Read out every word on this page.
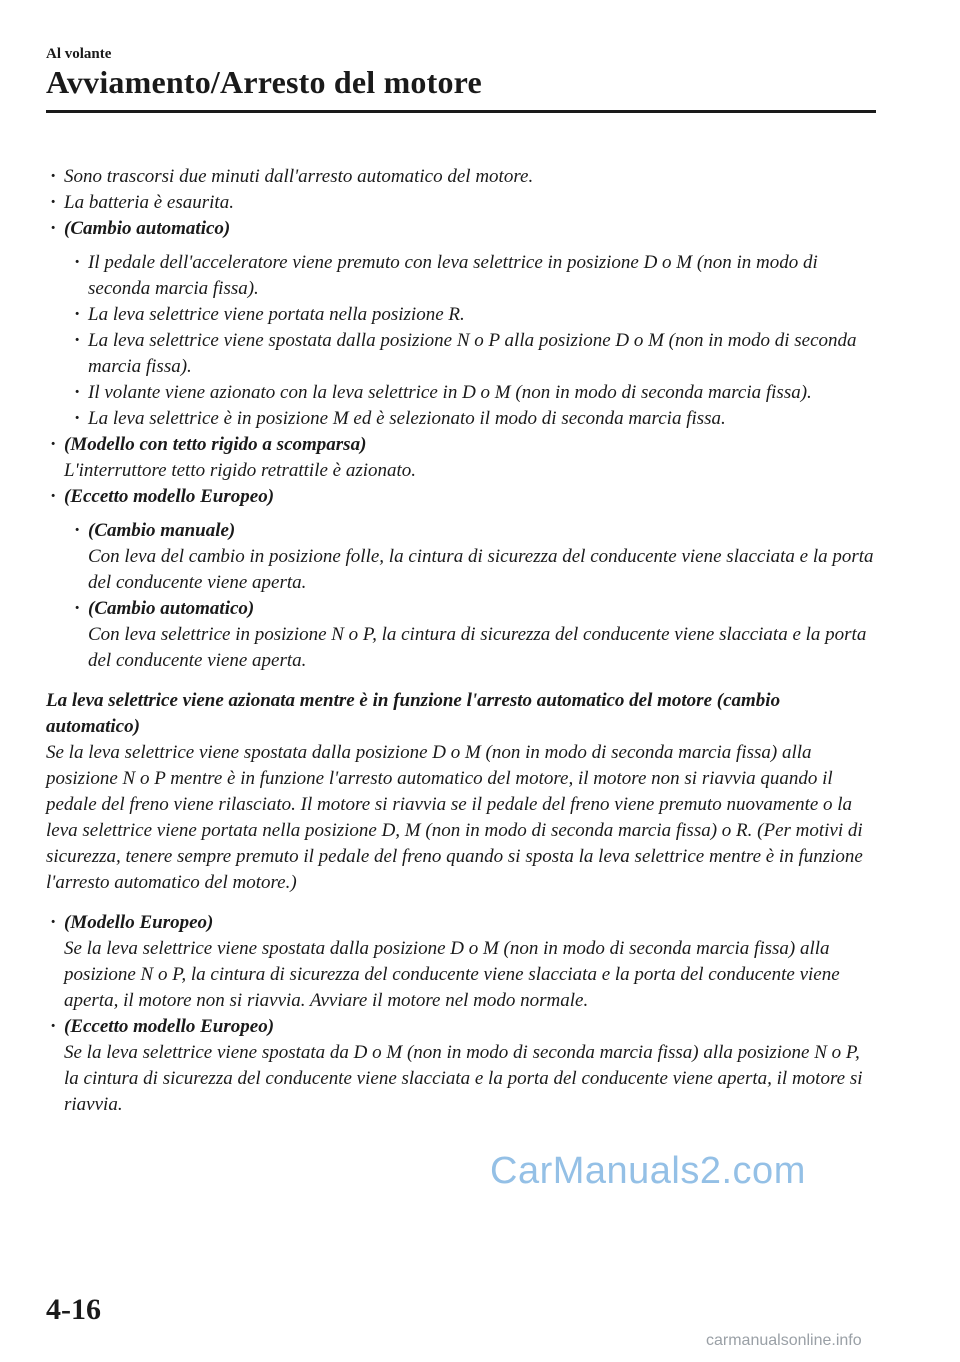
Al volante
Avviamento/Arresto del motore
· Sono trascorsi due minuti dall'arresto automatico del motore.
· La batteria è esaurita.
· (Cambio automatico)
· Il pedale dell'acceleratore viene premuto con leva selettrice in posizione D o M (non in modo di seconda marcia fissa).
· La leva selettrice viene portata nella posizione R.
· La leva selettrice viene spostata dalla posizione N o P alla posizione D o M (non in modo di seconda marcia fissa).
· Il volante viene azionato con la leva selettrice in D o M (non in modo di seconda marcia fissa).
· La leva selettrice è in posizione M ed è selezionato il modo di seconda marcia fissa.
· (Modello con tetto rigido a scomparsa)
L'interruttore tetto rigido retrattile è azionato.
· (Eccetto modello Europeo)
· (Cambio manuale)
Con leva del cambio in posizione folle, la cintura di sicurezza del conducente viene slacciata e la porta del conducente viene aperta.
· (Cambio automatico)
Con leva selettrice in posizione N o P, la cintura di sicurezza del conducente viene slacciata e la porta del conducente viene aperta.
La leva selettrice viene azionata mentre è in funzione l'arresto automatico del motore (cambio automatico)
Se la leva selettrice viene spostata dalla posizione D o M (non in modo di seconda marcia fissa) alla posizione N o P mentre è in funzione l'arresto automatico del motore, il motore non si riavvia quando il pedale del freno viene rilasciato. Il motore si riavvia se il pedale del freno viene premuto nuovamente o la leva selettrice viene portata nella posizione D, M (non in modo di seconda marcia fissa) o R. (Per motivi di sicurezza, tenere sempre premuto il pedale del freno quando si sposta la leva selettrice mentre è in funzione l'arresto automatico del motore.)
· (Modello Europeo)
Se la leva selettrice viene spostata dalla posizione D o M (non in modo di seconda marcia fissa) alla posizione N o P, la cintura di sicurezza del conducente viene slacciata e la porta del conducente viene aperta, il motore non si riavvia. Avviare il motore nel modo normale.
· (Eccetto modello Europeo)
Se la leva selettrice viene spostata da D o M (non in modo di seconda marcia fissa) alla posizione N o P, la cintura di sicurezza del conducente viene slacciata e la porta del conducente viene aperta, il motore si riavvia.
CarManuals2.com
4-16
carmanualsonline.info
